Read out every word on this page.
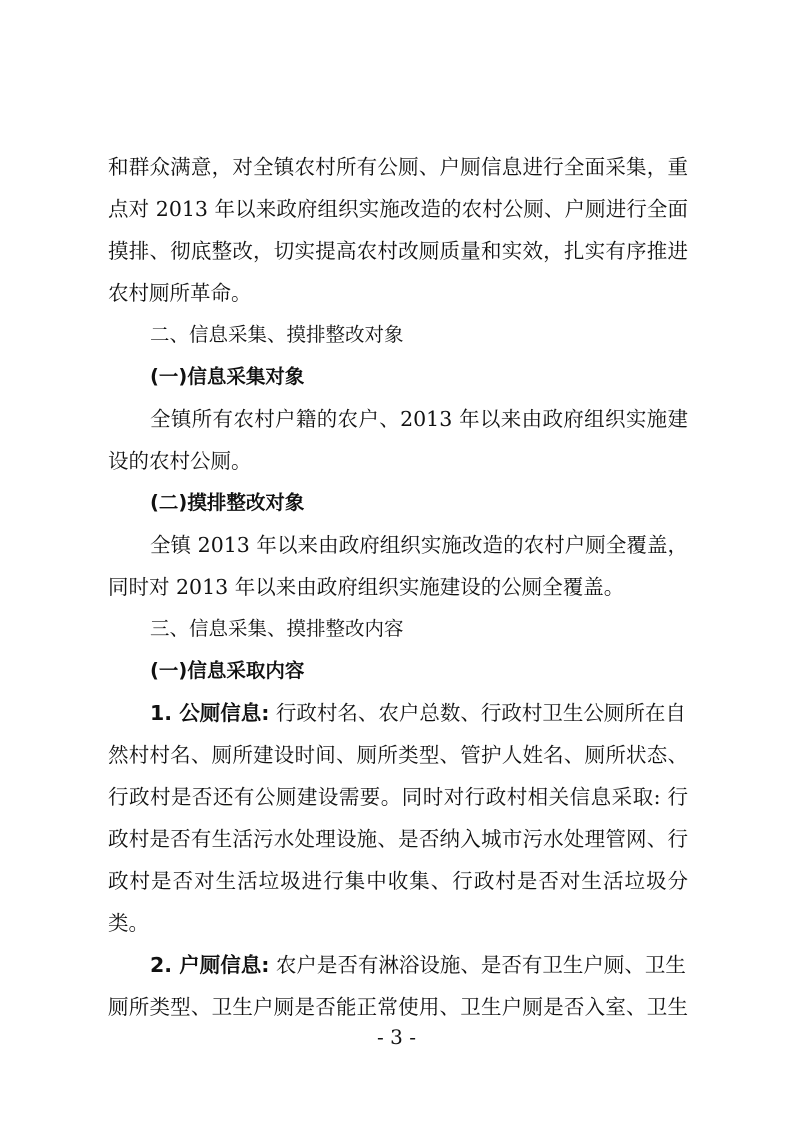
和群众满意，对全镇农村所有公厕、户厕信息进行全面采集，重
点对 2013 年以来政府组织实施改造的农村公厕、户厕进行全面
摸排、彻底整改，切实提高农村改厕质量和实效，扎实有序推进
农村厕所革命。
二、信息采集、摸排整改对象
(一)信息采集对象
全镇所有农村户籍的农户、2013 年以来由政府组织实施建
设的农村公厕。
(二)摸排整改对象
全镇 2013 年以来由政府组织实施改造的农村户厕全覆盖，
同时对 2013 年以来由政府组织实施建设的公厕全覆盖。
三、信息采集、摸排整改内容
(一)信息采取内容
1. 公厕信息: 行政村名、农户总数、行政村卫生公厕所在自
然村村名、厕所建设时间、厕所类型、管护人姓名、厕所状态、
行政村是否还有公厕建设需要。同时对行政村相关信息采取: 行
政村是否有生活污水处理设施、是否纳入城市污水处理管网、行
政村是否对生活垃圾进行集中收集、行政村是否对生活垃圾分
类。
2. 户厕信息: 农户是否有淋浴设施、是否有卫生户厕、卫生
厕所类型、卫生户厕是否能正常使用、卫生户厕是否入室、卫生
- 3 -
